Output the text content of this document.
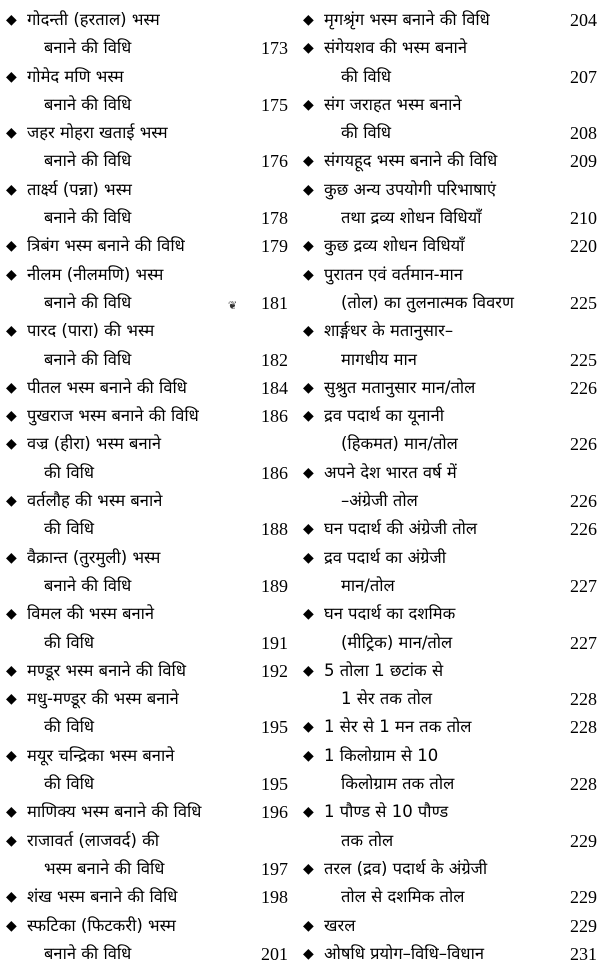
◆ गोदन्ती (हरताल) भस्म
बनाने की विधि	173
◆ गोमेद मणि भस्म
बनाने की विधि	175
◆ जहर मोहरा खताई भस्म
बनाने की विधि	176
◆ तार्क्ष्य (पन्ना) भस्म
बनाने की विधि	178
◆ त्रिबंग भस्म बनाने की विधि	179
◆ नीलम (नीलमणि) भस्म
बनाने की विधि	181
◆ पारद (पारा) की भस्म
बनाने की विधि	182
◆ पीतल भस्म बनाने की विधि	184
◆ पुखराज भस्म बनाने की विधि	186
◆ वज्र (हीरा) भस्म बनाने
की विधि	186
◆ वर्तलौह की भस्म बनाने
की विधि	188
◆ वैक्रान्त (तुरमुली) भस्म
बनाने की विधि	189
◆ विमल की भस्म बनाने
की विधि	191
◆ मण्डूर भस्म बनाने की विधि	192
◆ मधु-मण्डूर की भस्म बनाने
की विधि	195
◆ मयूर चन्द्रिका भस्म बनाने
की विधि	195
◆ माणिक्य भस्म बनाने की विधि	196
◆ राजावर्त (लाजवर्द) की
भस्म बनाने की विधि	197
◆ शंख भस्म बनाने की विधि	198
◆ स्फटिका (फिटकरी) भस्म
बनाने की विधि	201
◆ मृगश्रृंग भस्म बनाने की विधि	204
◆ संगेयशव की भस्म बनाने
की विधि	207
◆ संग जराहत भस्म बनाने
की विधि	208
◆ संगयहूद भस्म बनाने की विधि	209
◆ कुछ अन्य उपयोगी परिभाषाएं
तथा द्रव्य शोधन विधियाँ	210
◆ कुछ द्रव्य शोधन विधियाँ	220
◆ पुरातन एवं वर्तमान-मान
(तोल) का तुलनात्मक विवरण	225
◆ शार्ङ्गधर के मतानुसार–
मागधीय मान	225
◆ सुश्रुत मतानुसार मान/तोल	226
◆ द्रव पदार्थ का यूनानी
(हिकमत) मान/तोल	226
◆ अपने देश भारत वर्ष में
–अंग्रेजी तोल	226
◆ घन पदार्थ की अंग्रेजी तोल	226
◆ द्रव पदार्थ का अंग्रेजी
मान/तोल	227
◆ घन पदार्थ का दशमिक
(मीट्रिक) मान/तोल	227
◆ 5 तोला 1 छटांक से
1 सेर तक तोल	228
◆ 1 सेर से 1 मन तक तोल	228
◆ 1 किलोग्राम से 10
किलोग्राम तक तोल	228
◆ 1 पौण्ड से 10 पौण्ड
तक तोल	229
◆ तरल (द्रव) पदार्थ के अंग्रेजी
तोल से दशमिक तोल	229
◆ खरल	229
◆ ओषधि प्रयोग–विधि–विधान	231
❦
